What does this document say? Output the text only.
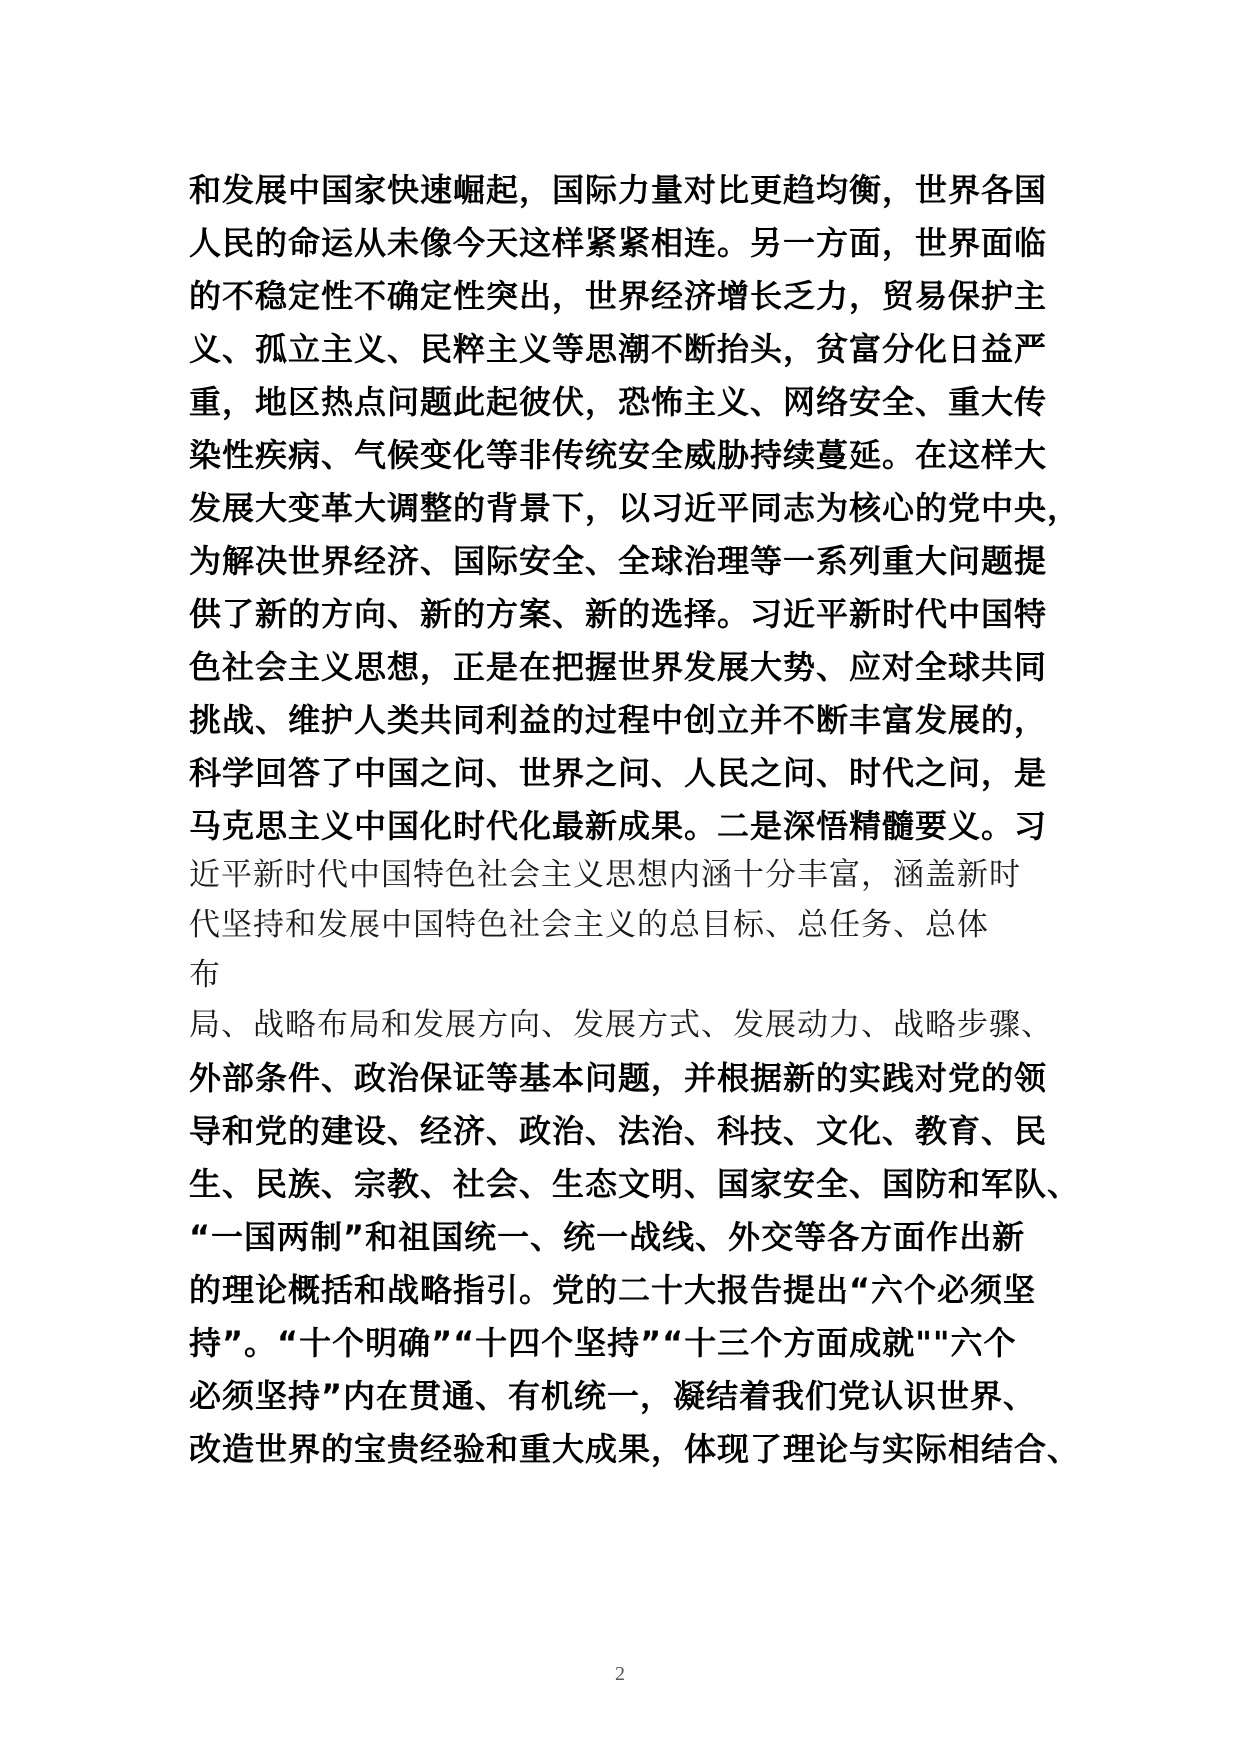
和发展中国家快速崛起，国际力量对比更趋均衡，世界各国
人民的命运从未像今天这样紧紧相连。另一方面，世界面临
的不稳定性不确定性突出，世界经济增长乏力，贸易保护主
义、孤立主义、民粹主义等思潮不断抬头，贫富分化日益严
重，地区热点问题此起彼伏，恐怖主义、网络安全、重大传
染性疾病、气候变化等非传统安全威胁持续蔓延。在这样大
发展大变革大调整的背景下，以习近平同志为核心的党中央，
为解决世界经济、国际安全、全球治理等一系列重大问题提
供了新的方向、新的方案、新的选择。习近平新时代中国特
色社会主义思想，正是在把握世界发展大势、应对全球共同
挑战、维护人类共同利益的过程中创立并不断丰富发展的，
科学回答了中国之问、世界之问、人民之问、时代之问，是
马克思主义中国化时代化最新成果。二是深悟精髓要义。习
近平新时代中国特色社会主义思想内涵十分丰富，涵盖新时
代坚持和发展中国特色社会主义的总目标、总任务、总体
布
局、战略布局和发展方向、发展方式、发展动力、战略步骤、
外部条件、政治保证等基本问题，并根据新的实践对党的领
导和党的建设、经济、政治、法治、科技、文化、教育、民
生、民族、宗教、社会、生态文明、国家安全、国防和军队、
“一国两制”和祖国统一、统一战线、外交等各方面作出新
的理论概括和战略指引。党的二十大报告提出“六个必须坚
持”。“十个明确”“十四个坚持”“十三个方面成就""六个
必须坚持”内在贯通、有机统一，凝结着我们党认识世界、
改造世界的宝贵经验和重大成果，体现了理论与实际相结合、
2
